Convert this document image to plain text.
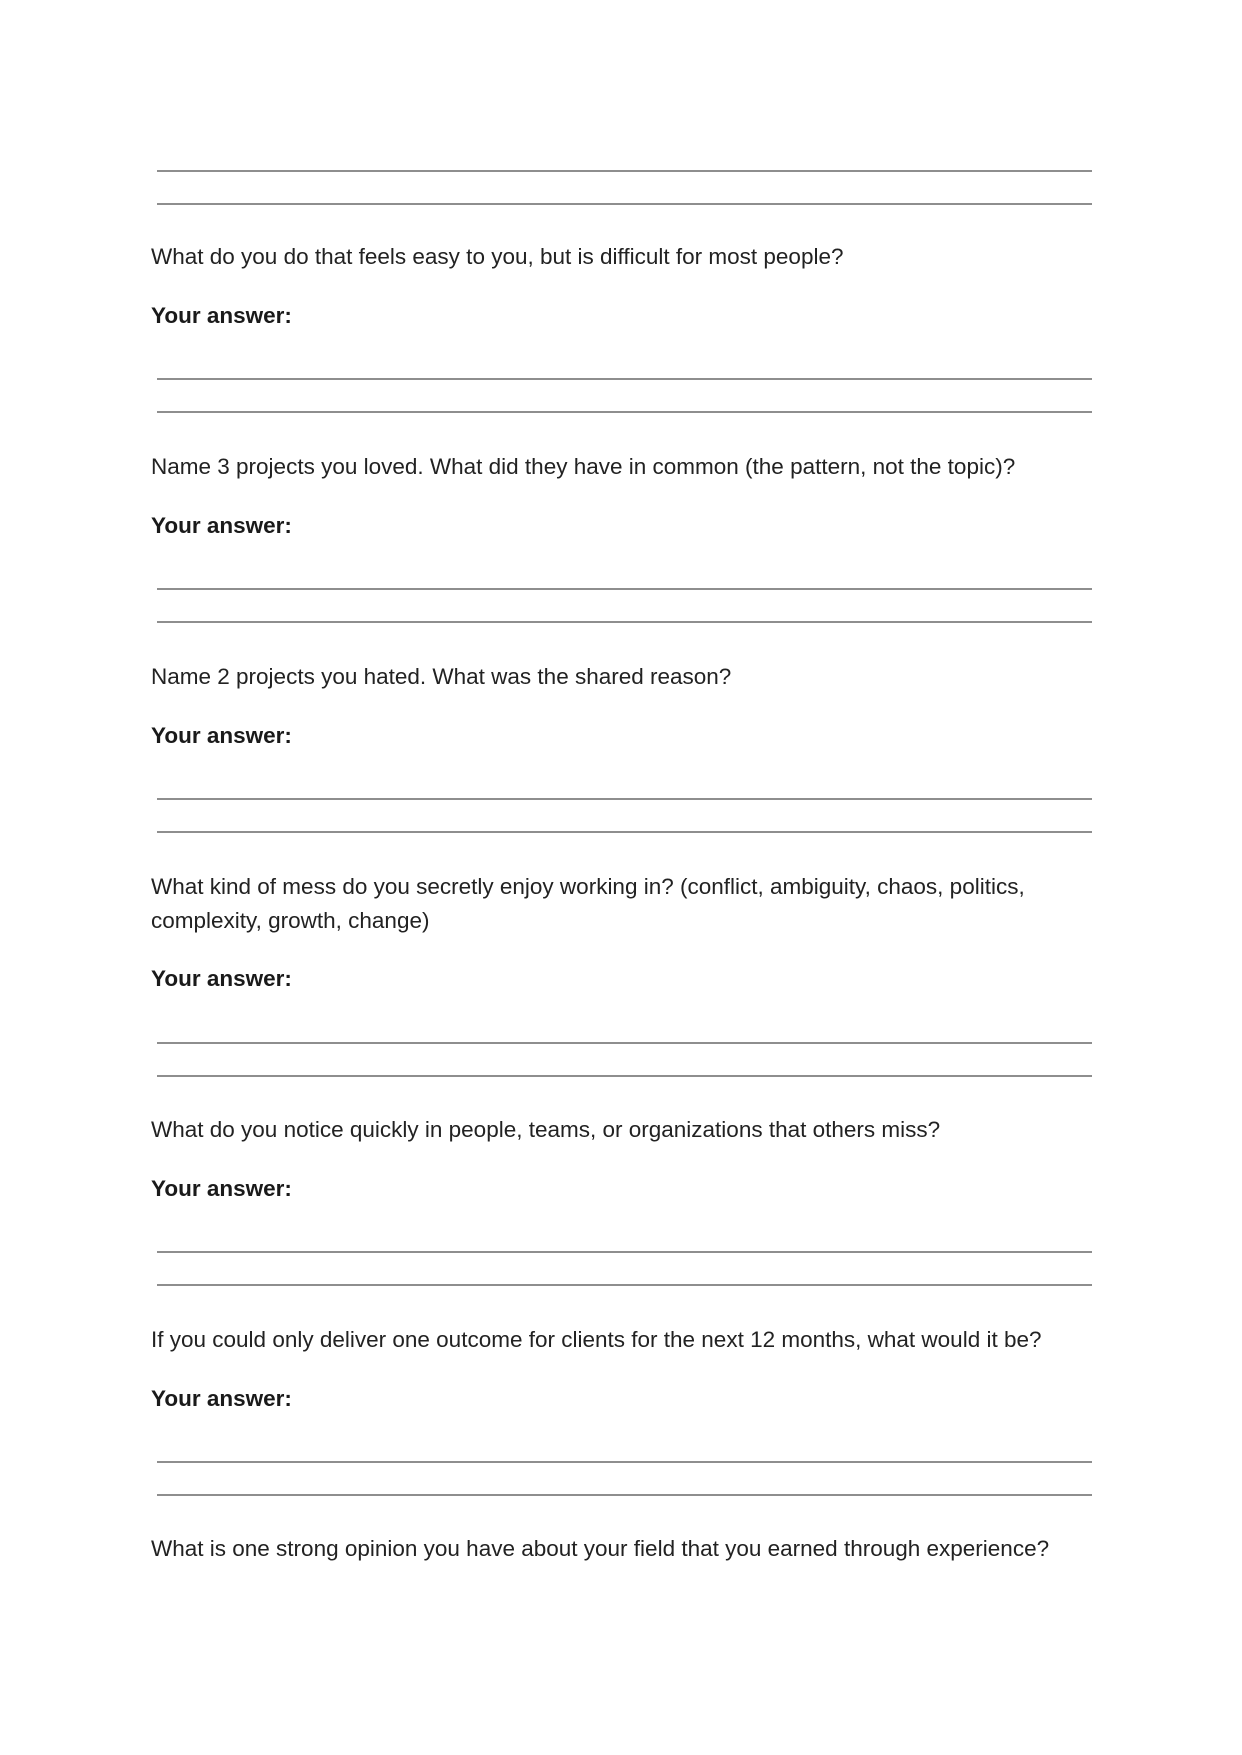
What do you do that feels easy to you, but is difficult for most people?

Your answer:

Name 3 projects you loved. What did they have in common (the pattern, not the topic)?

Your answer:

Name 2 projects you hated. What was the shared reason?

Your answer:

What kind of mess do you secretly enjoy working in? (conflict, ambiguity, chaos, politics, complexity, growth, change)

Your answer:

What do you notice quickly in people, teams, or organizations that others miss?

Your answer:

If you could only deliver one outcome for clients for the next 12 months, what would it be?

Your answer:

What is one strong opinion you have about your field that you earned through experience?
